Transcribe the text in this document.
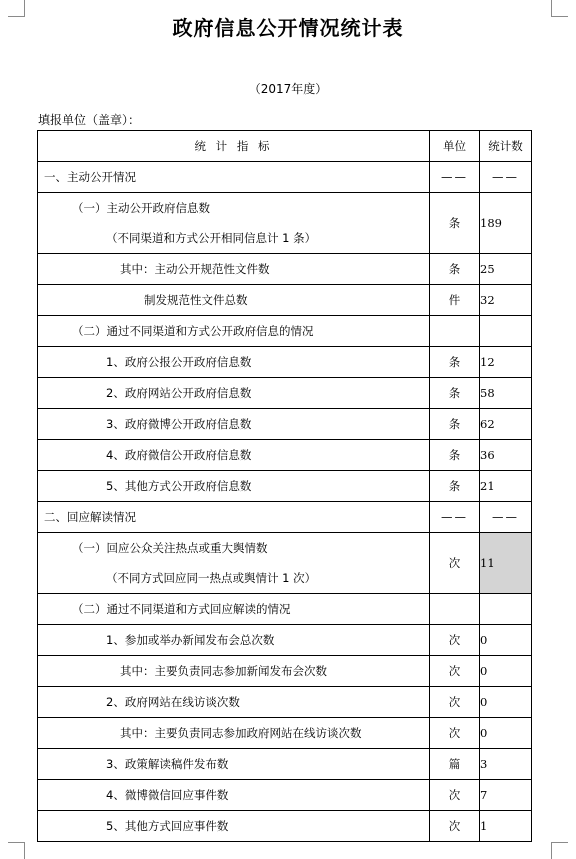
政府信息公开情况统计表
（2017年度）
填报单位（盖章）：
统 计 指 标	单位	统计数

一、主动公开情况	——	——

（一）主动公开政府信息数
（不同渠道和方式公开相同信息计 1 条）	条	189

其中：主动公开规范性文件数	条	25

制发规范性文件总数	件	32

（二）通过不同渠道和方式公开政府信息的情况		

1、政府公报公开政府信息数	条	12

2、政府网站公开政府信息数	条	58

3、政府微博公开政府信息数	条	62

4、政府微信公开政府信息数	条	36

5、其他方式公开政府信息数	条	21

二、回应解读情况	——	——

（一）回应公众关注热点或重大舆情数
（不同方式回应同一热点或舆情计 1 次）	次	11

（二）通过不同渠道和方式回应解读的情况		

1、参加或举办新闻发布会总次数	次	0

其中：主要负责同志参加新闻发布会次数	次	0

2、政府网站在线访谈次数	次	0

其中：主要负责同志参加政府网站在线访谈次数	次	0

3、政策解读稿件发布数	篇	3

4、微博微信回应事件数	次	7

5、其他方式回应事件数	次	1
